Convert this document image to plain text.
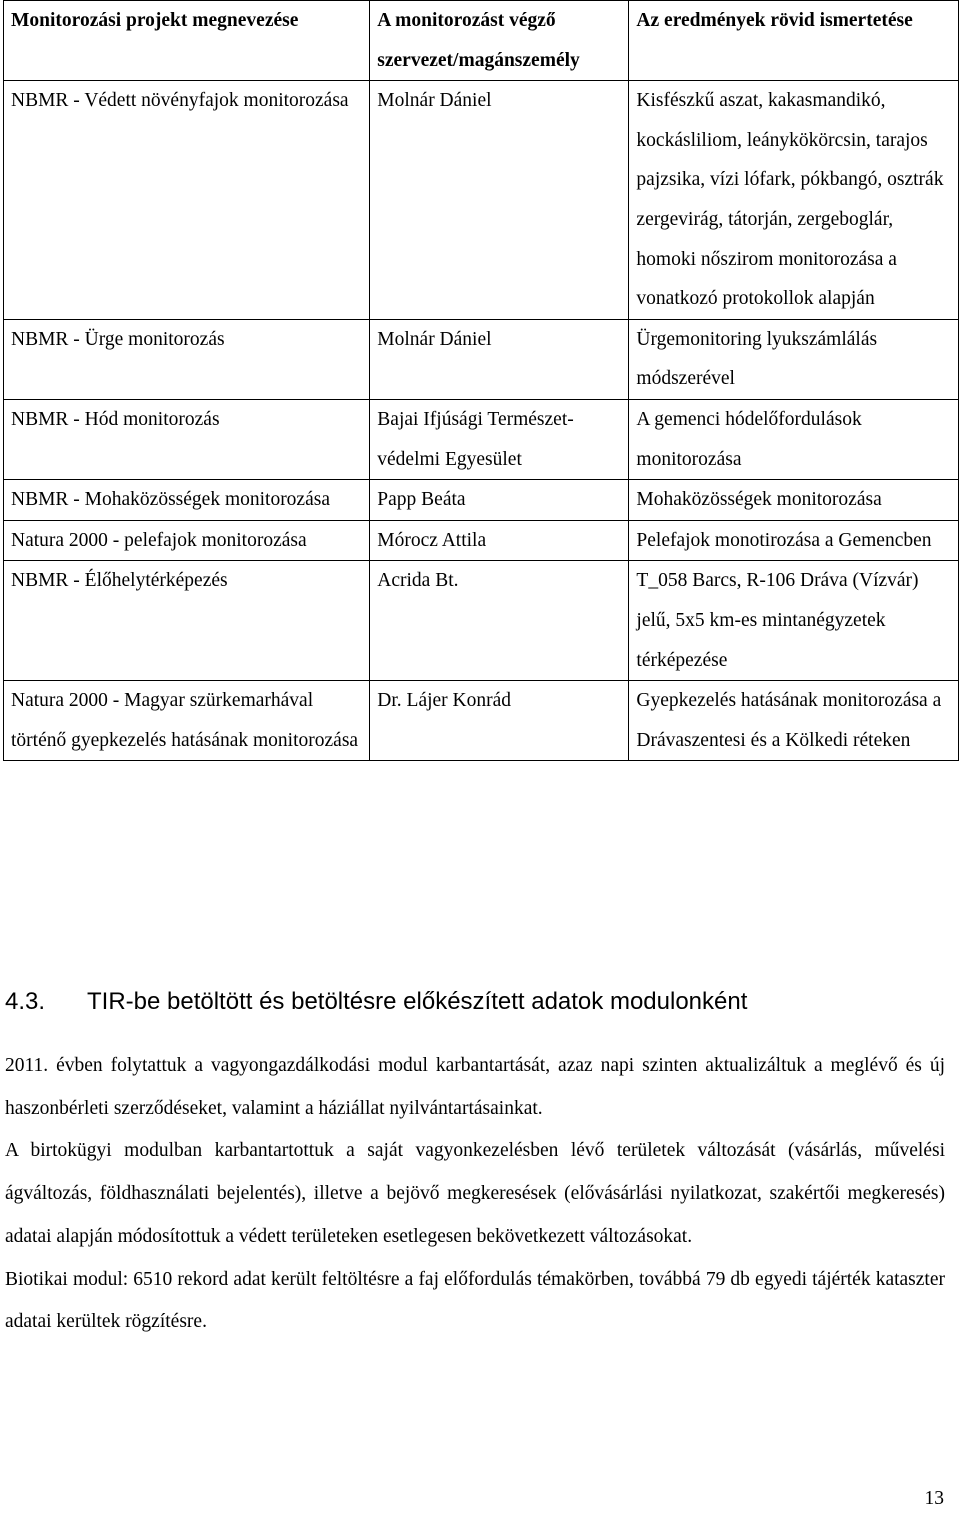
Monitorozási projekt megnevezése	A monitorozást végző szervezet/magánszemély	Az eredmények rövid ismertetése
NBMR - Védett növényfajok monitorozása	Molnár Dániel	Kisfészkű aszat, kakasmandikó, kockásliliom, leánykökörcsin, tarajos pajzsika, vízi lófark, pókbangó, osztrák zergevirág, tátorján, zergeboglár, homoki nőszirom monitorozása a vonatkozó protokollok alapján
NBMR - Ürge monitorozás	Molnár Dániel	Ürgemonitoring lyukszámlálás módszerével
NBMR - Hód monitorozás	Bajai Ifjúsági Természetvédelmi Egyesület	A gemenci hódelőfordulások monitorozása
NBMR - Mohaközösségek monitorozása	Papp Beáta	Mohaközösségek monitorozása
Natura 2000 - pelefajok monitorozása	Mórocz Attila	Pelefajok monotirozása a Gemencben
NBMR - Élőhelytérképezés	Acrida Bt.	T_058 Barcs, R-106 Dráva (Vízvár) jelű, 5x5 km-es mintanégyzetek térképezése
Natura 2000 - Magyar szürkemarhával történő gyepkezelés hatásának monitorozása	Dr. Lájer Konrád	Gyepkezelés hatásának monitorozása a Drávaszentesi és a Kölkedi réteken
4.3. TIR-be betöltött és betöltésre előkészített adatok modulonként

2011. évben folytattuk a vagyongazdálkodási modul karbantartását, azaz napi szinten aktualizáltuk a meglévő és új haszonbérleti szerződéseket, valamint a háziállat nyilvántartásainkat.

A birtokügyi modulban karbantartottuk a saját vagyonkezelésben lévő területek változását (vásárlás, művelési ágváltozás, földhasználati bejelentés), illetve a bejövő megkeresések (elővásárlási nyilatkozat, szakértői megkeresés) adatai alapján módosítottuk a védett területeken esetlegesen bekövetkezett változásokat.

Biotikai modul: 6510 rekord adat került feltöltésre a faj előfordulás témakörben, továbbá 79 db egyedi tájérték kataszter adatai kerültek rögzítésre.

13
